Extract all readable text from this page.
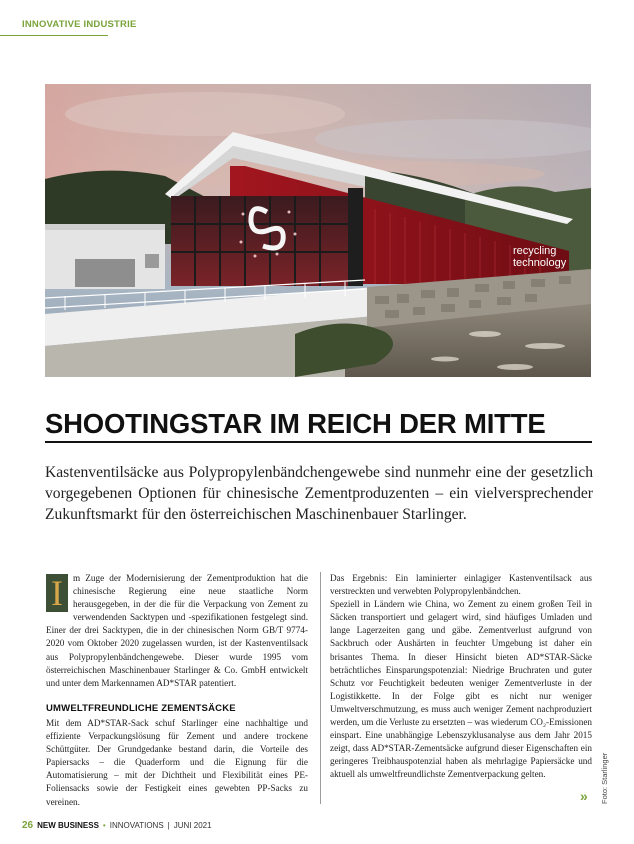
INNOVATIVE INDUSTRIE
recycling
technology
SHOOTINGSTAR IM REICH DER MITTE
Kastenventilsäcke aus Polypropylenbändchengewebe sind nunmehr eine der gesetzlich vorgegebenen Optionen für chinesische Zementproduzenten – ein vielversprechender Zukunftsmarkt für den österreichischen Maschinenbauer Starlinger.

I	m Zuge der Modernisierung der Zementproduktion hat die chinesische Regierung eine neue staatliche Norm herausgegeben, in der die für die Verpackung von Zement zu verwendenden Sacktypen und -spezifikationen festgelegt sind. Einer der drei Sacktypen, die in der chinesischen Norm GB/T 9774-2020 vom Oktober 2020 zugelassen wurden, ist der Kastenventilsack aus Polypropylenbändchengewebe. Dieser wurde 1995 vom österreichischen Maschinenbauer Starlinger & Co. GmbH entwickelt und unter dem Markennamen AD*STAR patentiert.

UMWELTFREUNDLICHE ZEMENTSÄCKE

Mit dem AD*STAR-Sack schuf Starlinger eine nachhaltige und effiziente Verpackungslösung für Zement und andere trockene Schüttgüter. Der Grundgedanke bestand darin, die Vorteile des Papiersacks – die Quaderform und die Eignung für die Automatisierung – mit der Dichtheit und Flexibilität eines PE-Foliensacks sowie der Festigkeit eines gewebten PP-Sacks zu vereinen.

Das Ergebnis: Ein laminierter einlagiger Kastenventilsack aus verstreckten und verwebten Polypropylenbändchen.

Speziell in Ländern wie China, wo Zement zu einem großen Teil in Säcken transportiert und gelagert wird, sind häufiges Umladen und lange Lagerzeiten gang und gäbe. Zementverlust aufgrund von Sackbruch oder Aushärten in feuchter Umgebung ist daher ein brisantes Thema. In dieser Hinsicht bieten AD*STAR-Säcke beträchtliches Einsparungspotenzial: Niedrige Bruchraten und guter Schutz vor Feuchtigkeit bedeuten weniger Zementverluste in der Logistikkette. In der Folge gibt es nicht nur weniger Umweltverschmutzung, es muss auch weniger Zement nachproduziert werden, um die Verluste zu ersetzten – was wiederum CO₂-Emissionen einspart. Eine unabhängige Lebenszyklusanalyse aus dem Jahr 2015 zeigt, dass AD*STAR-Zementsäcke aufgrund dieser Eigenschaften ein geringeres Treibhauspotenzial haben als mehrlagige Papiersäcke und aktuell als umweltfreundlichste Zementverpackung gelten.

» Foto: Starlinger
26 NEW BUSINESS • INNOVATIONS | JUNI 2021
